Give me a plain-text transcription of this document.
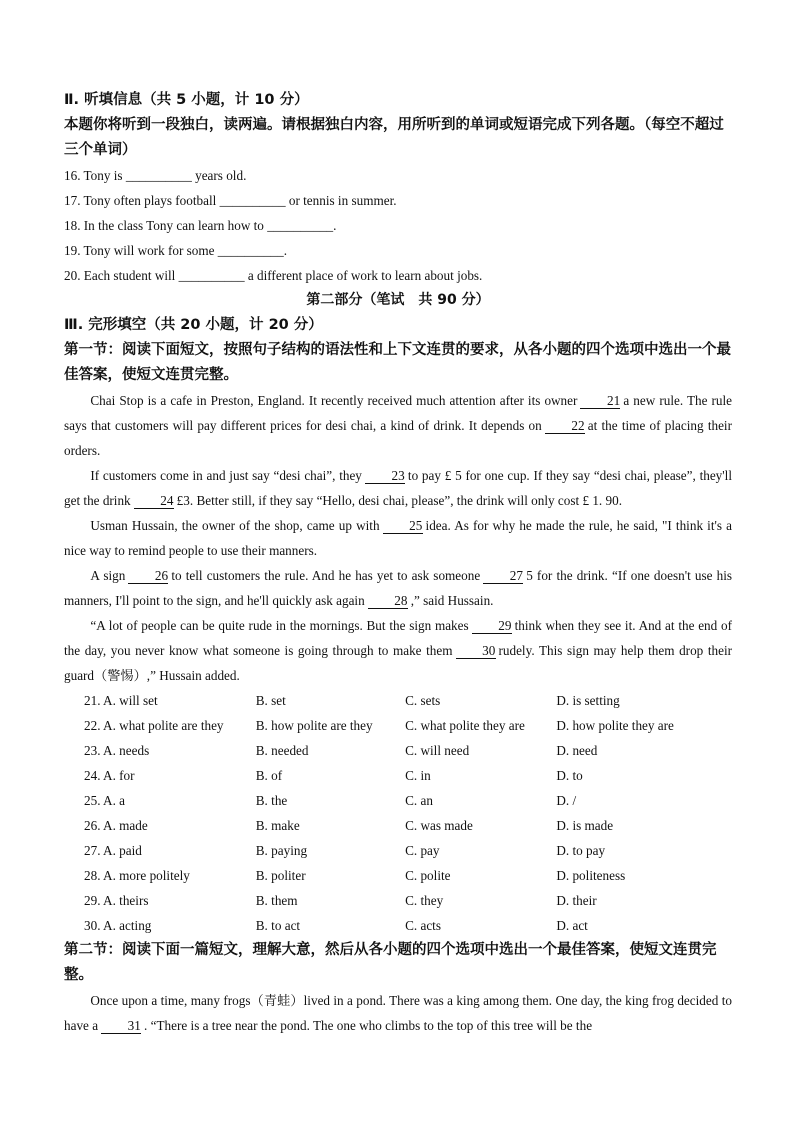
Ⅱ. 听填信息（共 5 小题，计 10 分）
本题你将听到一段独白，读两遍。请根据独白内容，用所听到的单词或短语完成下列各题。（每空不超过三个单词）
16. Tony is __________ years old.
17. Tony often plays football __________ or tennis in summer.
18. In the class Tony can learn how to __________.
19. Tony will work for some __________.
20. Each student will __________ a different place of work to learn about jobs.
第二部分（笔试　共 90 分）
Ⅲ. 完形填空（共 20 小题，计 20 分）
第一节：阅读下面短文，按照句子结构的语法性和上下文连贯的要求，从各小题的四个选项中选出一个最佳答案，使短文连贯完整。
Chai Stop is a cafe in Preston, England. It recently received much attention after its owner 21 a new rule. The rule says that customers will pay different prices for desi chai, a kind of drink. It depends on 22 at the time of placing their orders.
If customers come in and just say “desi chai”, they 23 to pay £ 5 for one cup. If they say “desi chai, please”, they'll get the drink 24 £3. Better still, if they say “Hello, desi chai, please”, the drink will only cost £ 1. 90.
Usman Hussain, the owner of the shop, came up with 25 idea. As for why he made the rule, he said, "I think it's a nice way to remind people to use their manners.
A sign 26 to tell customers the rule. And he has yet to ask someone 27 5 for the drink. “If one doesn't use his manners, I'll point to the sign, and he'll quickly ask again 28 ,” said Hussain.
“A lot of people can be quite rude in the mornings. But the sign makes 29 think when they see it. And at the end of the day, you never know what someone is going through to make them 30 rudely. This sign may help them drop their guard（警惕）,” Hussain added.
21. A. will set	B. set	C. sets	D. is setting
22. A. what polite are they	B. how polite are they	C. what polite they are	D. how polite they are
23. A. needs	B. needed	C. will need	D. need
24. A. for	B. of	C. in	D. to
25. A. a	B. the	C. an	D. /
26. A. made	B. make	C. was made	D. is made
27. A. paid	B. paying	C. pay	D. to pay
28. A. more politely	B. politer	C. polite	D. politeness
29. A. theirs	B. them	C. they	D. their
30. A. acting	B. to act	C. acts	D. act
第二节：阅读下面一篇短文，理解大意，然后从各小题的四个选项中选出一个最佳答案，使短文连贯完整。
Once upon a time, many frogs（青蛙）lived in a pond. There was a king among them. One day, the king frog decided to have a 31 . “There is a tree near the pond. The one who climbs to the top of this tree will be the
